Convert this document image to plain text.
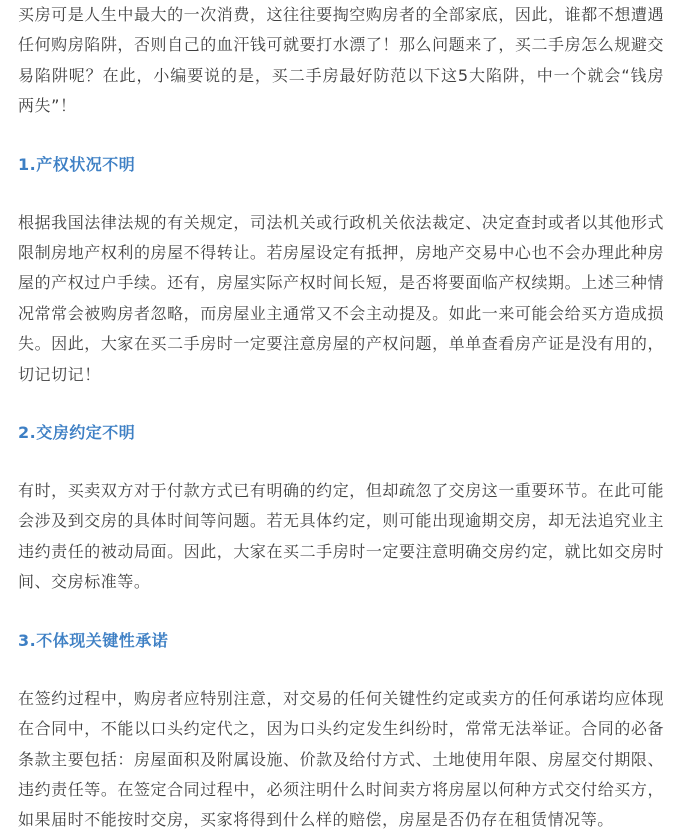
买房可是人生中最大的一次消费，这往往要掏空购房者的全部家底，因此，谁都不想遭遇任何购房陷阱，否则自己的血汗钱可就要打水漂了！那么问题来了，买二手房怎么规避交易陷阱呢？在此，小编要说的是，买二手房最好防范以下这5大陷阱，中一个就会“钱房两失”！

1.产权状况不明

根据我国法律法规的有关规定，司法机关或行政机关依法裁定、决定查封或者以其他形式限制房地产权利的房屋不得转让。若房屋设定有抵押，房地产交易中心也不会办理此种房屋的产权过户手续。还有，房屋实际产权时间长短，是否将要面临产权续期。上述三种情况常常会被购房者忽略，而房屋业主通常又不会主动提及。如此一来可能会给买方造成损失。因此，大家在买二手房时一定要注意房屋的产权问题，单单查看房产证是没有用的，切记切记！

2.交房约定不明

有时，买卖双方对于付款方式已有明确的约定，但却疏忽了交房这一重要环节。在此可能会涉及到交房的具体时间等问题。若无具体约定，则可能出现逾期交房，却无法追究业主违约责任的被动局面。因此，大家在买二手房时一定要注意明确交房约定，就比如交房时间、交房标准等。

3.不体现关键性承诺

在签约过程中，购房者应特别注意，对交易的任何关键性约定或卖方的任何承诺均应体现在合同中，不能以口头约定代之，因为口头约定发生纠纷时，常常无法举证。合同的必备条款主要包括：房屋面积及附属设施、价款及给付方式、土地使用年限、房屋交付期限、违约责任等。在签定合同过程中，必须注明什么时间卖方将房屋以何种方式交付给买方，如果届时不能按时交房，买家将得到什么样的赔偿，房屋是否仍存在租赁情况等。
